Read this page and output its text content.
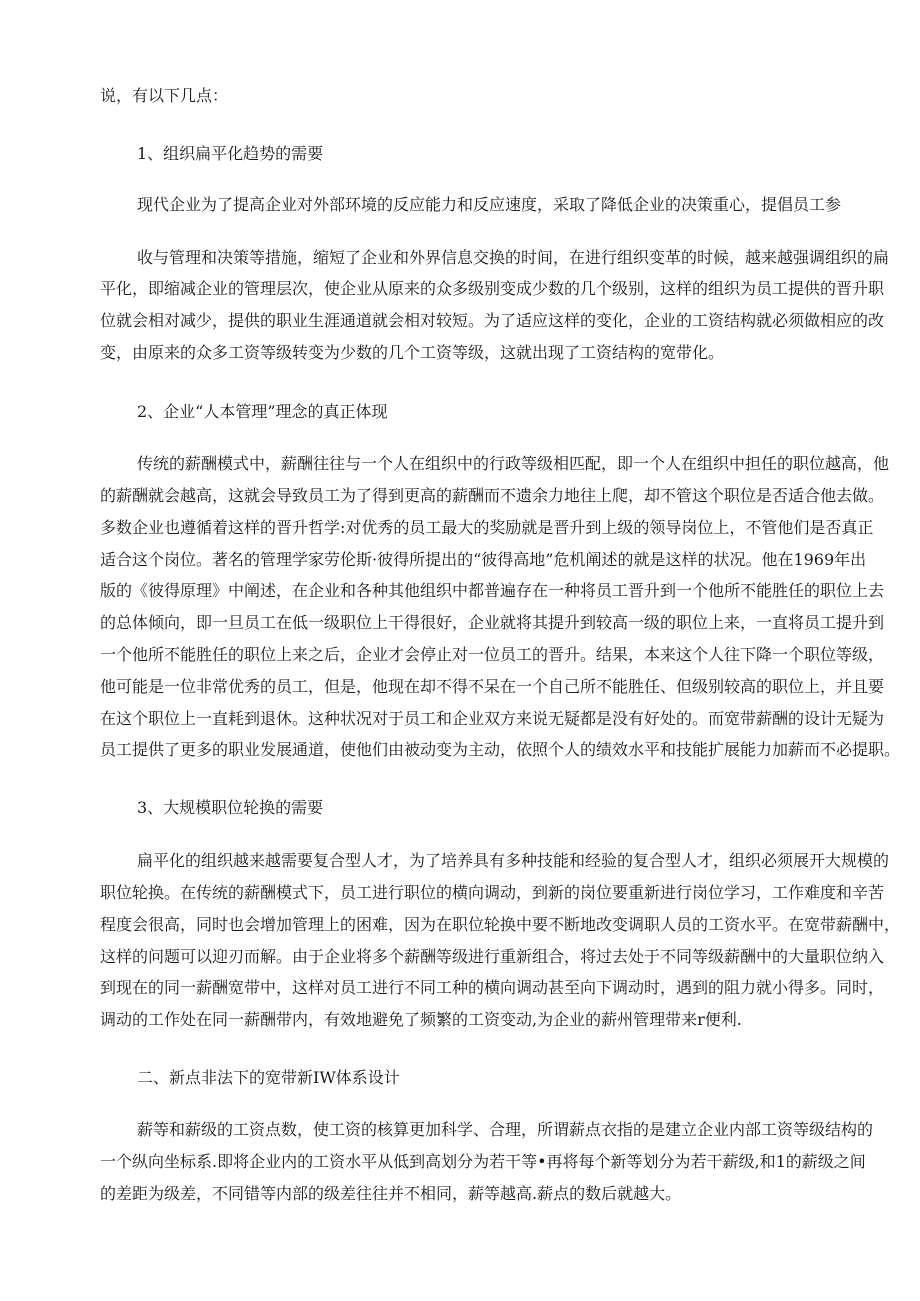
说，有以下几点：

1、组织扁平化趋势的需要

现代企业为了提高企业对外部环境的反应能力和反应速度，采取了降低企业的决策重心，提倡员工参

收与管理和决策等措施，缩短了企业和外界信息交换的时间，在进行组织变革的时候，越来越强调组织的扁

平化，即缩减企业的管理层次，使企业从原来的众多级别变成少数的几个级别，这样的组织为员工提供的晋升职

位就会相对减少，提供的职业生涯通道就会相对较短。为了适应这样的变化，企业的工资结构就必须做相应的改

变，由原来的众多工资等级转变为少数的几个工资等级，这就出现了工资结构的宽带化。

2、企业“人本管理”理念的真正体现

传统的薪酬模式中，薪酬往往与一个人在组织中的行政等级相匹配，即一个人在组织中担任的职位越高，他

的薪酬就会越高，这就会导致员工为了得到更高的薪酬而不遗余力地往上爬，却不管这个职位是否适合他去做。

多数企业也遵循着这样的晋升哲学:对优秀的员工最大的奖励就是晋升到上级的领导岗位上，不管他们是否真正

适合这个岗位。著名的管理学家劳伦斯·彼得所提出的“彼得高地”危机阐述的就是这样的状况。他在1969年出

版的《彼得原理》中阐述，在企业和各种其他组织中都普遍存在一种将员工晋升到一个他所不能胜任的职位上去

的总体倾向，即一旦员工在低一级职位上干得很好，企业就将其提升到较高一级的职位上来，一直将员工提升到

一个他所不能胜任的职位上来之后，企业才会停止对一位员工的晋升。结果，本来这个人往下降一个职位等级，

他可能是一位非常优秀的员工，但是，他现在却不得不呆在一个自己所不能胜任、但级别较高的职位上，并且要

在这个职位上一直耗到退休。这种状况对于员工和企业双方来说无疑都是没有好处的。而宽带薪酬的设计无疑为

员工提供了更多的职业发展通道，使他们由被动变为主动，依照个人的绩效水平和技能扩展能力加薪而不必提职。

3、大规模职位轮换的需要

扁平化的组织越来越需要复合型人才，为了培养具有多种技能和经验的复合型人才，组织必须展开大规模的

职位轮换。在传统的薪酬模式下，员工进行职位的横向调动，到新的岗位要重新进行岗位学习，工作难度和辛苦

程度会很高，同时也会增加管理上的困难，因为在职位轮换中要不断地改变调职人员的工资水平。在宽带薪酬中，

这样的问题可以迎刃而解。由于企业将多个薪酬等级进行重新组合，将过去处于不同等级薪酬中的大量职位纳入

到现在的同一薪酬宽带中，这样对员工进行不同工种的横向调动甚至向下调动时，遇到的阻力就小得多。同时，

调动的工作处在同一薪酬带内，有效地避免了频繁的工资变动,为企业的薪州管理带来r便利.

二、新点非法下的宽带新IW体系设计

薪等和薪级的工资点数，使工资的核算更加科学、合理，所谓薪点衣指的是建立企业内部工资等级结构的

一个纵向坐标系.即将企业内的工资水平从低到高划分为若干等•再将每个新等划分为若干薪级,和1的薪级之间

的差距为级差，不同错等内部的级差往往并不相同，薪等越高.薪点的数后就越大。
